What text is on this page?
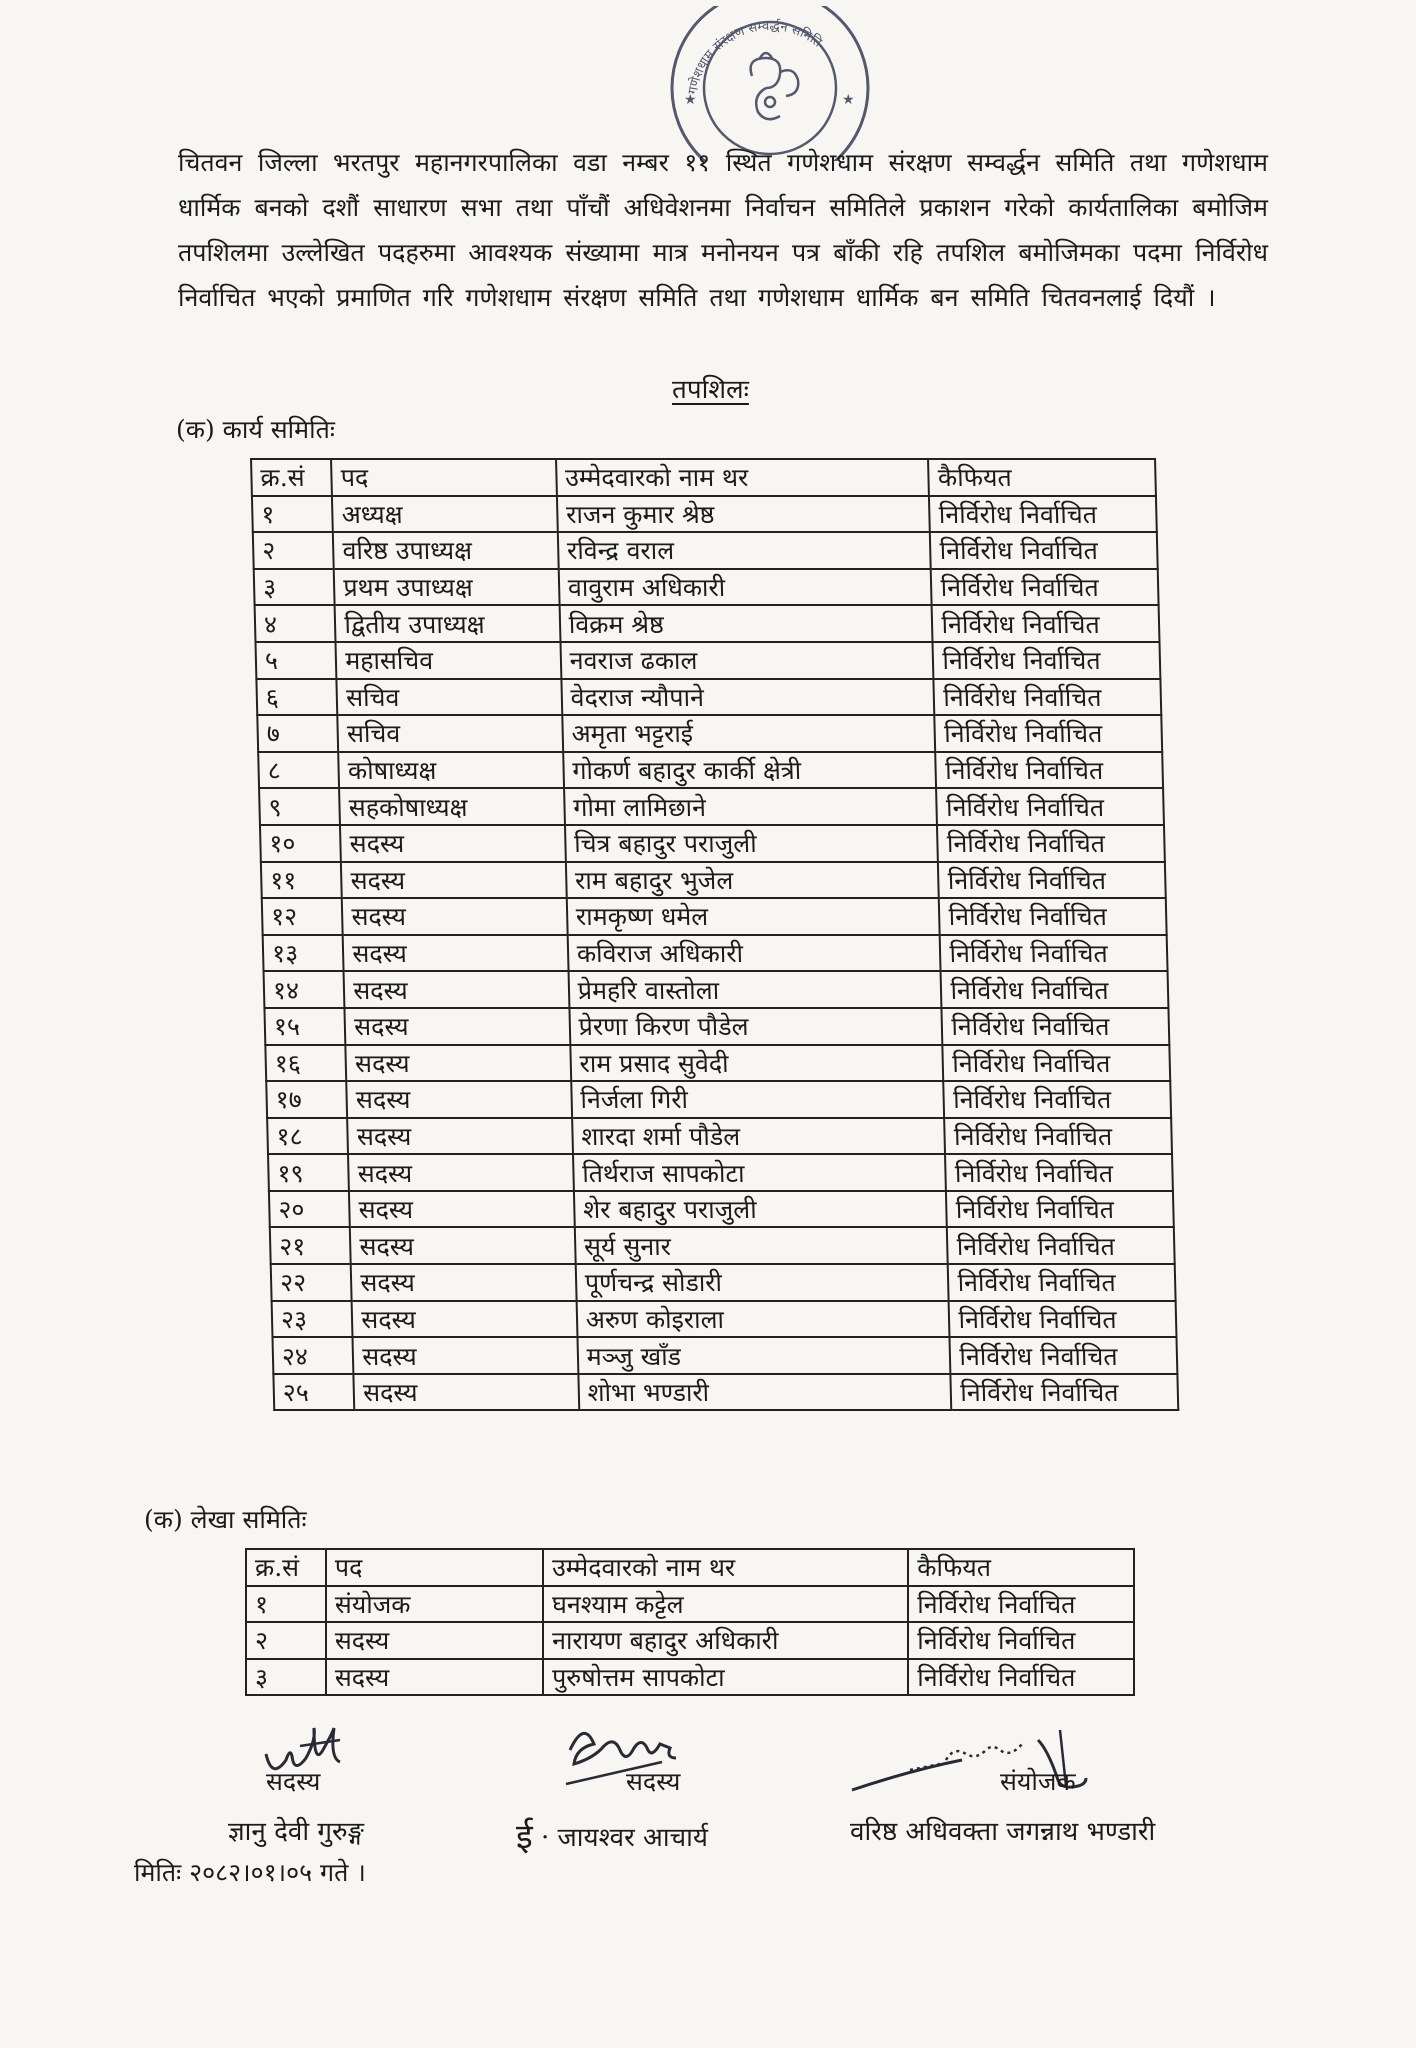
गणेशधाम संरक्षण सम्वर्द्धन समिति
★	★
चितवन जिल्ला भरतपुर महानगरपालिका वडा नम्बर ११ स्थित गणेशधाम संरक्षण सम्वर्द्धन समिति तथा गणेशधाम धार्मिक बनको दशौं साधारण सभा तथा पाँचौं अधिवेशनमा निर्वाचन समितिले प्रकाशन गरेको कार्यतालिका बमोजिम तपशिलमा उल्लेखित पदहरुमा आवश्यक संख्यामा मात्र मनोनयन पत्र बाँकी रहि तपशिल बमोजिमका पदमा निर्विरोध निर्वाचित भएको प्रमाणित गरि गणेशधाम संरक्षण समिति तथा गणेशधाम धार्मिक बन समिति चितवनलाई दियौं ।
तपशिलः
(क) कार्य समितिः
क्र.सं	पद	उम्मेदवारको नाम थर	कैफियत
१	अध्यक्ष	राजन कुमार श्रेष्ठ	निर्विरोध निर्वाचित
२	वरिष्ठ उपाध्यक्ष	रविन्द्र वराल	निर्विरोध निर्वाचित
३	प्रथम उपाध्यक्ष	वावुराम अधिकारी	निर्विरोध निर्वाचित
४	द्वितीय उपाध्यक्ष	विक्रम श्रेष्ठ	निर्विरोध निर्वाचित
५	महासचिव	नवराज ढकाल	निर्विरोध निर्वाचित
६	सचिव	वेदराज न्यौपाने	निर्विरोध निर्वाचित
७	सचिव	अमृता भट्टराई	निर्विरोध निर्वाचित
८	कोषाध्यक्ष	गोकर्ण बहादुर कार्की क्षेत्री	निर्विरोध निर्वाचित
९	सहकोषाध्यक्ष	गोमा लामिछाने	निर्विरोध निर्वाचित
१०	सदस्य	चित्र बहादुर पराजुली	निर्विरोध निर्वाचित
११	सदस्य	राम बहादुर भुजेल	निर्विरोध निर्वाचित
१२	सदस्य	रामकृष्ण धमेल	निर्विरोध निर्वाचित
१३	सदस्य	कविराज अधिकारी	निर्विरोध निर्वाचित
१४	सदस्य	प्रेमहरि वास्तोला	निर्विरोध निर्वाचित
१५	सदस्य	प्रेरणा किरण पौडेल	निर्विरोध निर्वाचित
१६	सदस्य	राम प्रसाद सुवेदी	निर्विरोध निर्वाचित
१७	सदस्य	निर्जला गिरी	निर्विरोध निर्वाचित
१८	सदस्य	शारदा शर्मा पौडेल	निर्विरोध निर्वाचित
१९	सदस्य	तिर्थराज सापकोटा	निर्विरोध निर्वाचित
२०	सदस्य	शेर बहादुर पराजुली	निर्विरोध निर्वाचित
२१	सदस्य	सूर्य सुनार	निर्विरोध निर्वाचित
२२	सदस्य	पूर्णचन्द्र सोडारी	निर्विरोध निर्वाचित
२३	सदस्य	अरुण कोइराला	निर्विरोध निर्वाचित
२४	सदस्य	मञ्जु खाँड	निर्विरोध निर्वाचित
२५	सदस्य	शोभा भण्डारी	निर्विरोध निर्वाचित
(क) लेखा समितिः
क्र.सं	पद	उम्मेदवारको नाम थर	कैफियत
१	संयोजक	घनश्याम कट्टेल	निर्विरोध निर्वाचित
२	सदस्य	नारायण बहादुर अधिकारी	निर्विरोध निर्वाचित
३	सदस्य	पुरुषोत्तम सापकोटा	निर्विरोध निर्वाचित
सदस्य
ज्ञानु देवी गुरुङ्ग
सदस्य
ई · जायश्वर आचार्य
संयोजक
वरिष्ठ अधिवक्ता जगन्नाथ भण्डारी
मितिः २०८२।०१।०५ गते ।
